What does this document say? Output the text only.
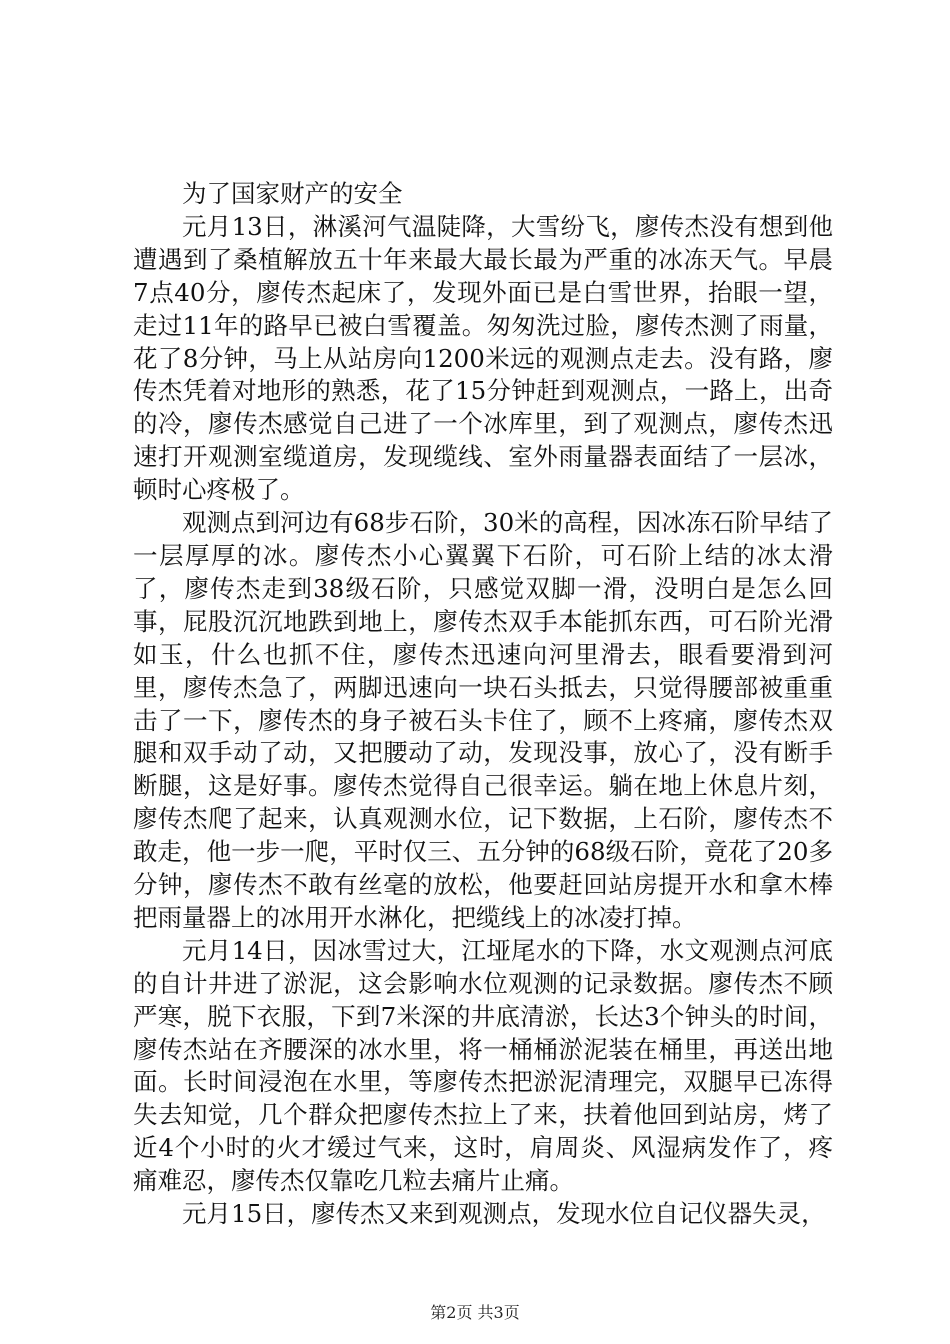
为了国家财产的安全

元月13日，淋溪河气温陡降，大雪纷飞，廖传杰没有想到他遭遇到了桑植解放五十年来最大最长最为严重的冰冻天气。早晨7点40分，廖传杰起床了，发现外面已是白雪世界，抬眼一望，走过11年的路早已被白雪覆盖。匆匆洗过脸，廖传杰测了雨量，花了8分钟，马上从站房向1200米远的观测点走去。没有路，廖传杰凭着对地形的熟悉，花了15分钟赶到观测点，一路上，出奇的冷，廖传杰感觉自己进了一个冰库里，到了观测点，廖传杰迅速打开观测室缆道房，发现缆线、室外雨量器表面结了一层冰，顿时心疼极了。

观测点到河边有68步石阶，30米的高程，因冰冻石阶早结了一层厚厚的冰。廖传杰小心翼翼下石阶，可石阶上结的冰太滑了，廖传杰走到38级石阶，只感觉双脚一滑，没明白是怎么回事，屁股沉沉地跌到地上，廖传杰双手本能抓东西，可石阶光滑如玉，什么也抓不住，廖传杰迅速向河里滑去，眼看要滑到河里，廖传杰急了，两脚迅速向一块石头抵去，只觉得腰部被重重击了一下，廖传杰的身子被石头卡住了，顾不上疼痛，廖传杰双腿和双手动了动，又把腰动了动，发现没事，放心了，没有断手断腿，这是好事。廖传杰觉得自己很幸运。躺在地上休息片刻，廖传杰爬了起来，认真观测水位，记下数据，上石阶，廖传杰不敢走，他一步一爬，平时仅三、五分钟的68级石阶，竟花了20多分钟，廖传杰不敢有丝毫的放松，他要赶回站房提开水和拿木棒把雨量器上的冰用开水淋化，把缆线上的冰凌打掉。

元月14日，因冰雪过大，江垭尾水的下降，水文观测点河底的自计井进了淤泥，这会影响水位观测的记录数据。廖传杰不顾严寒，脱下衣服，下到7米深的井底清淤，长达3个钟头的时间，廖传杰站在齐腰深的冰水里，将一桶桶淤泥装在桶里，再送出地面。长时间浸泡在水里，等廖传杰把淤泥清理完，双腿早已冻得失去知觉，几个群众把廖传杰拉上了来，扶着他回到站房，烤了近4个小时的火才缓过气来，这时，肩周炎、风湿病发作了，疼痛难忍，廖传杰仅靠吃几粒去痛片止痛。

元月15日，廖传杰又来到观测点，发现水位自记仪器失灵，

第2页 共3页
